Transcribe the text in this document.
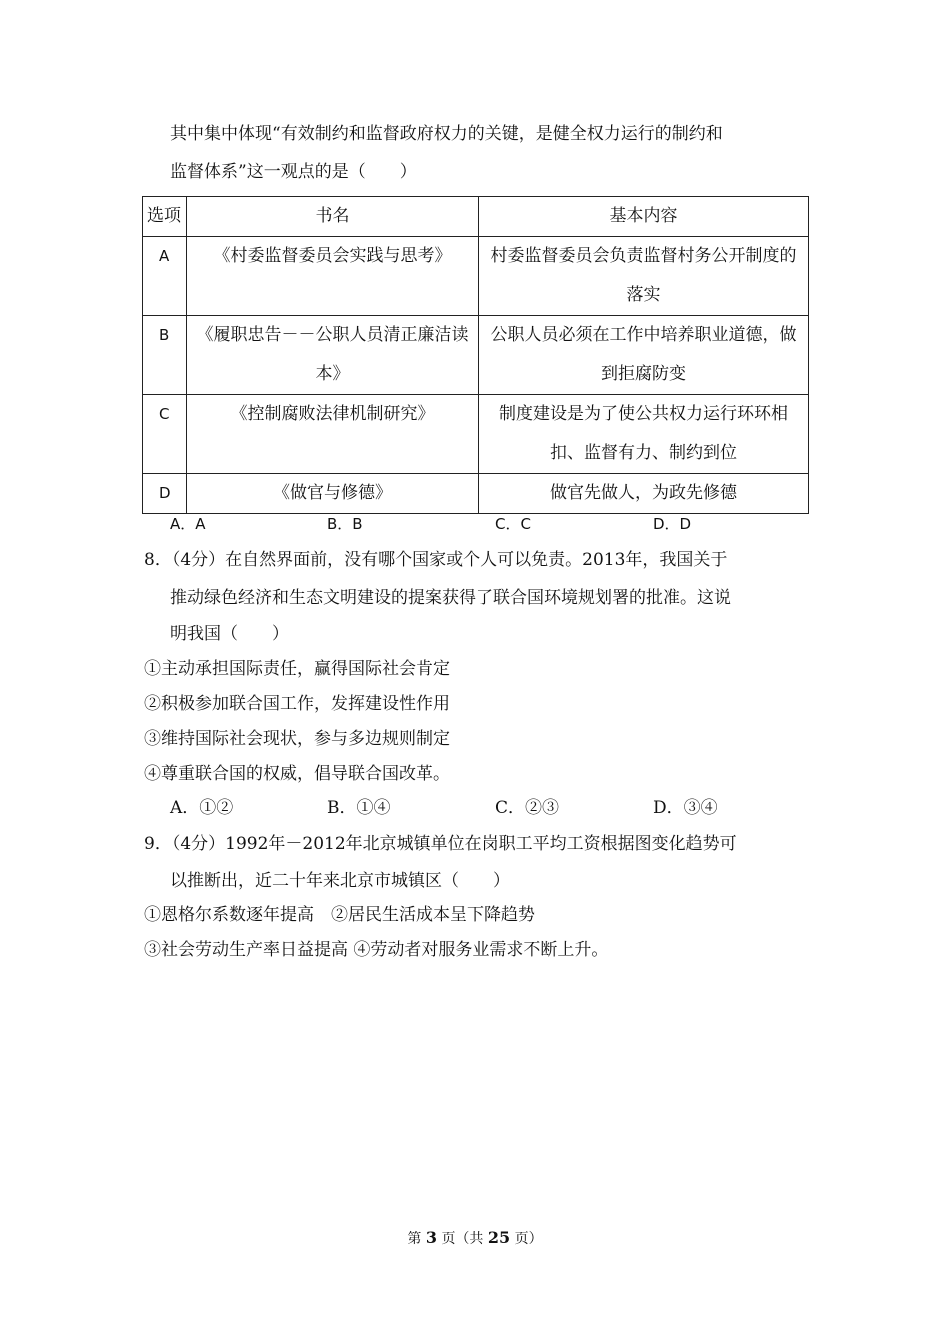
其中集中体现“有效制约和监督政府权力的关键，是健全权力运行的制约和
监督体系”这一观点的是（　　）
选项	书名	基本内容
A	《村委监督委员会实践与思考》	村委监督委员会负责监督村务公开制度的落实

B	《履职忠告－－公职人员清正廉洁读本》	公职人员必须在工作中培养职业道德，做到拒腐防变

C	《控制腐败法律机制研究》	制度建设是为了使公共权力运行环环相扣、监督有力、制约到位

D	《做官与修德》	做官先做人，为政先修德
A．A	B．B	C．C	D．D
8．（4分）在自然界面前，没有哪个国家或个人可以免责。2013年，我国关于
推动绿色经济和生态文明建设的提案获得了联合国环境规划署的批准。这说
明我国（　　）
①主动承担国际责任，赢得国际社会肯定
②积极参加联合国工作，发挥建设性作用
③维持国际社会现状，参与多边规则制定
④尊重联合国的权威，倡导联合国改革。
A．①②	B．①④	C．②③	D．③④
9．（4分）1992年－2012年北京城镇单位在岗职工平均工资根据图变化趋势可
以推断出，近二十年来北京市城镇区（　　）
①恩格尔系数逐年提高　②居民生活成本呈下降趋势
③社会劳动生产率日益提高 ④劳动者对服务业需求不断上升。
第 3 页（共 25 页）
